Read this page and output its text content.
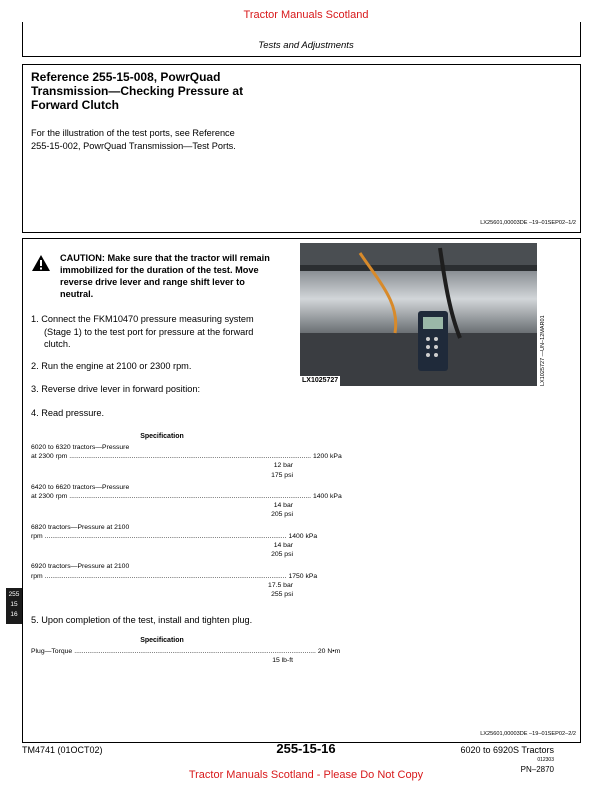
Tractor Manuals Scotland
Tests and Adjustments
Reference 255-15-008, PowrQuad
Transmission—Checking Pressure at
Forward Clutch
For the illustration of the test ports, see Reference
255-15-002, PowrQuad Transmission—Test Ports.
LX25601,00003DE –19–01SEP02–1/2
CAUTION: Make sure that the tractor will remain
immobilized for the duration of the test. Move
reverse drive lever and range shift lever to
neutral.
LX1025727	LX1025727 —UN–12MAR01
1. Connect the FKM10470 pressure measuring system
(Stage 1) to the test port for pressure at the forward
clutch.
2. Run the engine at 2100 or 2300 rpm.
3. Reverse drive lever in forward position:
4. Read pressure.
Specification
6020 to 6320 tractors—Pressure
at 2300 rpm ................................................................................................................................ 1200 kPa
12 bar
175 psi
6420 to 6620 tractors—Pressure
at 2300 rpm ................................................................................................................................ 1400 kPa
14 bar
205 psi
6820 tractors—Pressure at 2100
rpm ................................................................................................................................ 1400 kPa
14 bar
205 psi
6920 tractors—Pressure at 2100
rpm ................................................................................................................................ 1750 kPa
17.5 bar
255 psi
255
15
16
5. Upon completion of the test, install and tighten plug.
Specification
Plug—Torque ................................................................................................................................ 20 N•m
15 lb-ft
LX25601,00003DE –19–01SEP02–2/2
TM4741 (01OCT02)	255-15-16	6020 to 6920S Tractors
012303
PN–2870
Tractor Manuals Scotland - Please Do Not Copy
